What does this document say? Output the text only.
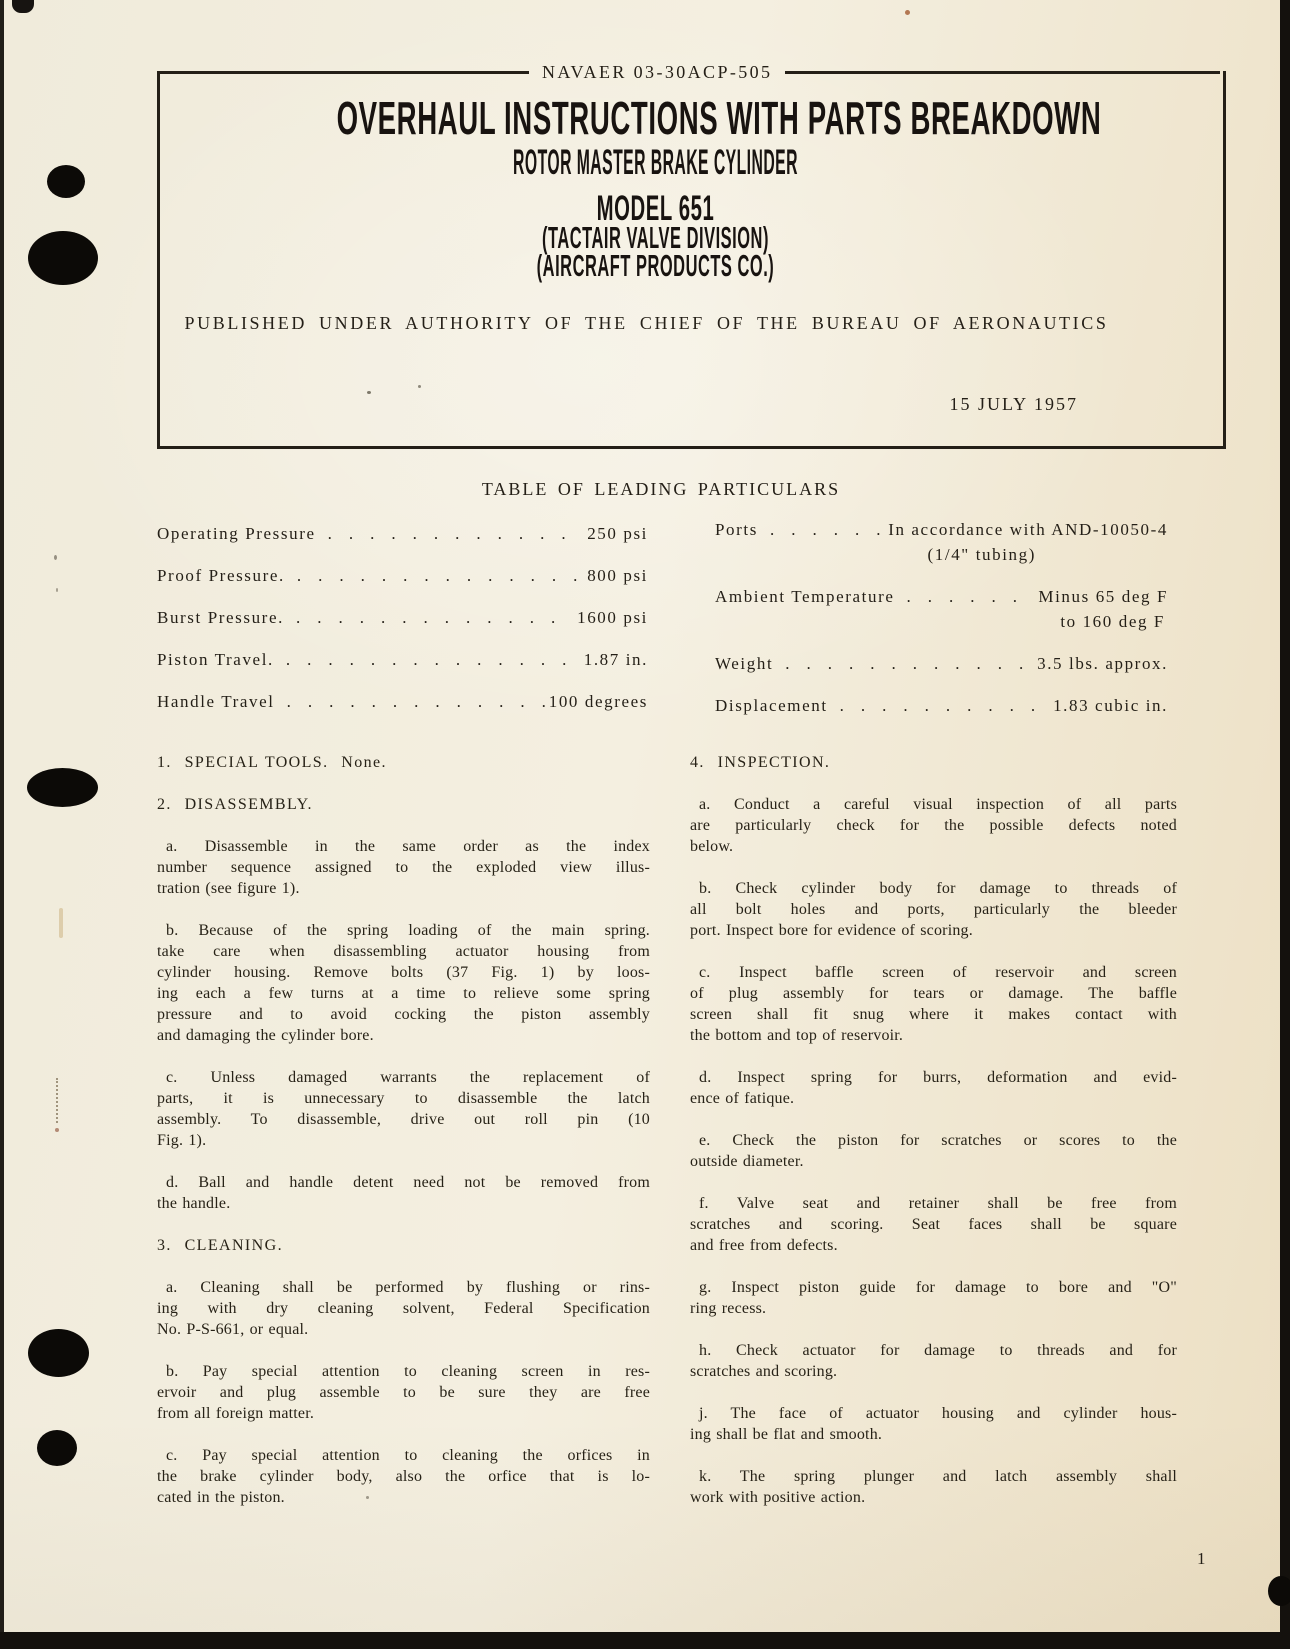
NAVAER 03-30ACP-505
OVERHAUL INSTRUCTIONS WITH PARTS BREAKDOWN
ROTOR MASTER BRAKE CYLINDER
MODEL 651
(TACTAIR VALVE DIVISION)
(AIRCRAFT PRODUCTS CO.)
PUBLISHED UNDER AUTHORITY OF THE CHIEF OF THE BUREAU OF AERONAUTICS
15 JULY 1957
TABLE OF LEADING PARTICULARS
Operating Pressure .....	250 psi
Proof Pressure. .....	800 psi
Burst Pressure. .....	1600 psi
Piston Travel. .....	1.87 in.
Handle Travel .....	100 degrees
Ports .....	In accordance with AND-10050-4
(1/4" tubing)
Ambient Temperature .....	Minus 65 deg F
to 160 deg F
Weight .....	3.5 lbs. approx.
Displacement .....	1.83 cubic in.
1.  SPECIAL TOOLS.  None.
2.  DISASSEMBLY.
a. Disassemble in the same order as the index
number sequence assigned to the exploded view illus-
tration (see figure 1).
b. Because of the spring loading of the main spring.
take care when disassembling actuator housing from
cylinder housing. Remove bolts (37 Fig. 1) by loos-
ing each a few turns at a time to relieve some spring
pressure and to avoid cocking the piston assembly
and damaging the cylinder bore.
c. Unless damaged warrants the replacement of
parts, it is unnecessary to disassemble the latch
assembly. To disassemble, drive out roll pin (10
Fig. 1).
d. Ball and handle detent need not be removed from
the handle.
3.  CLEANING.
a. Cleaning shall be performed by flushing or rins-
ing with dry cleaning solvent, Federal Specification
No. P-S-661, or equal.
b. Pay special attention to cleaning screen in res-
ervoir and plug assemble to be sure they are free
from all foreign matter.
c. Pay special attention to cleaning the orfices in
the brake cylinder body, also the orfice that is lo-
cated in the piston.
4.  INSPECTION.
a. Conduct a careful visual inspection of all parts
are particularly check for the possible defects noted
below.
b. Check cylinder body for damage to threads of
all bolt holes and ports, particularly the bleeder
port. Inspect bore for evidence of scoring.
c. Inspect baffle screen of reservoir and screen
of plug assembly for tears or damage. The baffle
screen shall fit snug where it makes contact with
the bottom and top of reservoir.
d. Inspect spring for burrs, deformation and evid-
ence of fatique.
e. Check the piston for scratches or scores to the
outside diameter.
f. Valve seat and retainer shall be free from
scratches and scoring. Seat faces shall be square
and free from defects.
g. Inspect piston guide for damage to bore and "O"
ring recess.
h. Check actuator for damage to threads and for
scratches and scoring.
j. The face of actuator housing and cylinder hous-
ing shall be flat and smooth.
k. The spring plunger and latch assembly shall
work with positive action.
1
